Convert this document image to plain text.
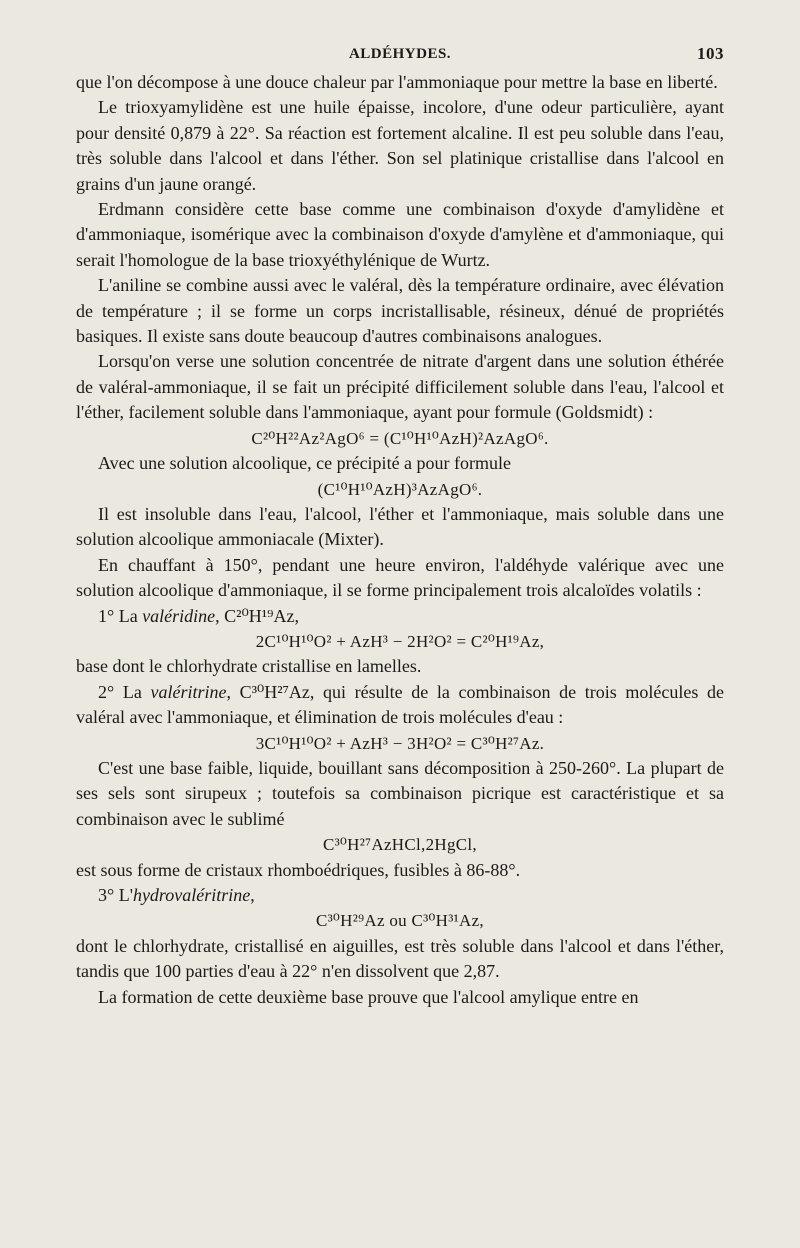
ALDÉHYDES.	103

que l'on décompose à une douce chaleur par l'ammoniaque pour mettre la base en liberté.

Le trioxyamylidène est une huile épaisse, incolore, d'une odeur particulière, ayant pour densité 0,879 à 22°. Sa réaction est fortement alcaline. Il est peu soluble dans l'eau, très soluble dans l'alcool et dans l'éther. Son sel platinique cristallise dans l'alcool en grains d'un jaune orangé.

Erdmann considère cette base comme une combinaison d'oxyde d'amylidène et d'ammoniaque, isomérique avec la combinaison d'oxyde d'amylène et d'ammoniaque, qui serait l'homologue de la base trioxyéthylénique de Wurtz.

L'aniline se combine aussi avec le valéral, dès la température ordinaire, avec élévation de température ; il se forme un corps incristallisable, résineux, dénué de propriétés basiques. Il existe sans doute beaucoup d'autres combinaisons analogues.

Lorsqu'on verse une solution concentrée de nitrate d'argent dans une solution éthérée de valéral-ammoniaque, il se fait un précipité difficilement soluble dans l'eau, l'alcool et l'éther, facilement soluble dans l'ammoniaque, ayant pour formule (Goldsmidt) :

C²⁰H²²Az²AgO⁶ = (C¹⁰H¹⁰AzH)²AzAgO⁶.

Avec une solution alcoolique, ce précipité a pour formule

(C¹⁰H¹⁰AzH)³AzAgO⁶.

Il est insoluble dans l'eau, l'alcool, l'éther et l'ammoniaque, mais soluble dans une solution alcoolique ammoniacale (Mixter).

En chauffant à 150°, pendant une heure environ, l'aldéhyde valérique avec une solution alcoolique d'ammoniaque, il se forme principalement trois alcaloïdes volatils :

1° La valéridine, C²⁰H¹⁹Az,

2C¹⁰H¹⁰O² + AzH³ − 2H²O² = C²⁰H¹⁹Az,

base dont le chlorhydrate cristallise en lamelles.

2° La valéritrine, C³⁰H²⁷Az, qui résulte de la combinaison de trois molécules de valéral avec l'ammoniaque, et élimination de trois molécules d'eau :

3C¹⁰H¹⁰O² + AzH³ − 3H²O² = C³⁰H²⁷Az.

C'est une base faible, liquide, bouillant sans décomposition à 250-260°. La plupart de ses sels sont sirupeux ; toutefois sa combinaison picrique est caractéristique et sa combinaison avec le sublimé

C³⁰H²⁷AzHCl,2HgCl,

est sous forme de cristaux rhomboédriques, fusibles à 86-88°.

3° L'hydrovaléritrine,

C³⁰H²⁹Az ou C³⁰H³¹Az,

dont le chlorhydrate, cristallisé en aiguilles, est très soluble dans l'alcool et dans l'éther, tandis que 100 parties d'eau à 22° n'en dissolvent que 2,87.

La formation de cette deuxième base prouve que l'alcool amylique entre en
